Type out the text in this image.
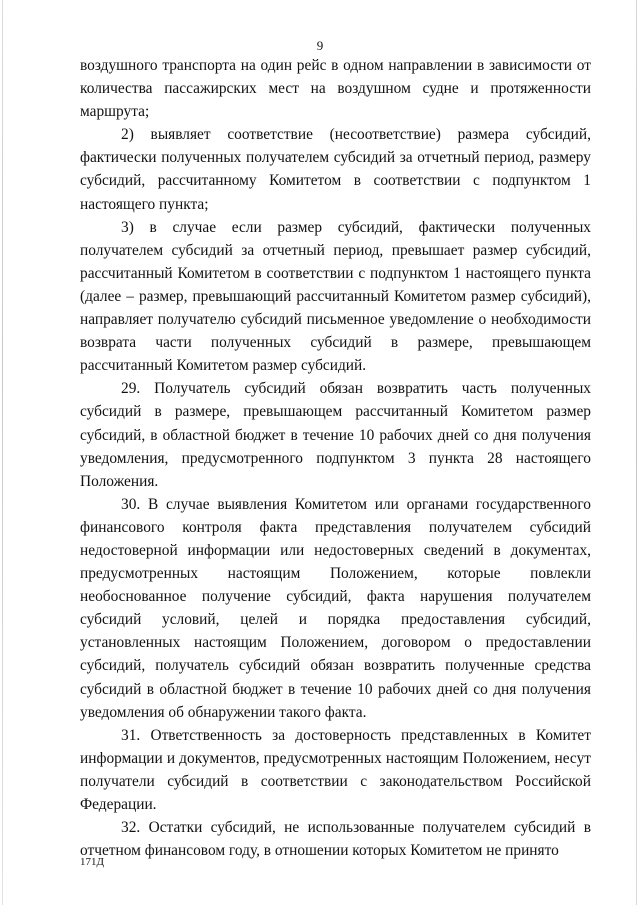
9

воздушного транспорта на один рейс в одном направлении в зависимости от количества пассажирских мест на воздушном судне и протяженности маршрута;

2) выявляет соответствие (несоответствие) размера субсидий, фактически полученных получателем субсидий за отчетный период, размеру субсидий, рассчитанному Комитетом в соответствии с подпунктом 1 настоящего пункта;

3) в случае если размер субсидий, фактически полученных получателем субсидий за отчетный период, превышает размер субсидий, рассчитанный Комитетом в соответствии с подпунктом 1 настоящего пункта (далее – размер, превышающий рассчитанный Комитетом размер субсидий), направляет получателю субсидий письменное уведомление о необходимости возврата части полученных субсидий в размере, превышающем рассчитанный Комитетом размер субсидий.

29. Получатель субсидий обязан возвратить часть полученных субсидий в размере, превышающем рассчитанный Комитетом размер субсидий, в областной бюджет в течение 10 рабочих дней со дня получения уведомления, предусмотренного подпунктом 3 пункта 28 настоящего Положения.

30. В случае выявления Комитетом или органами государственного финансового контроля факта представления получателем субсидий недостоверной информации или недостоверных сведений в документах, предусмотренных настоящим Положением, которые повлекли необоснованное получение субсидий, факта нарушения получателем субсидий условий, целей и порядка предоставления субсидий, установленных настоящим Положением, договором о предоставлении субсидий, получатель субсидий обязан возвратить полученные средства субсидий в областной бюджет в течение 10 рабочих дней со дня получения уведомления об обнаружении такого факта.

31. Ответственность за достоверность представленных в Комитет информации и документов, предусмотренных настоящим Положением, несут получатели субсидий в соответствии с законодательством Российской Федерации.

32. Остатки субсидий, не использованные получателем субсидий в отчетном финансовом году, в отношении которых Комитетом не принято

171Д
